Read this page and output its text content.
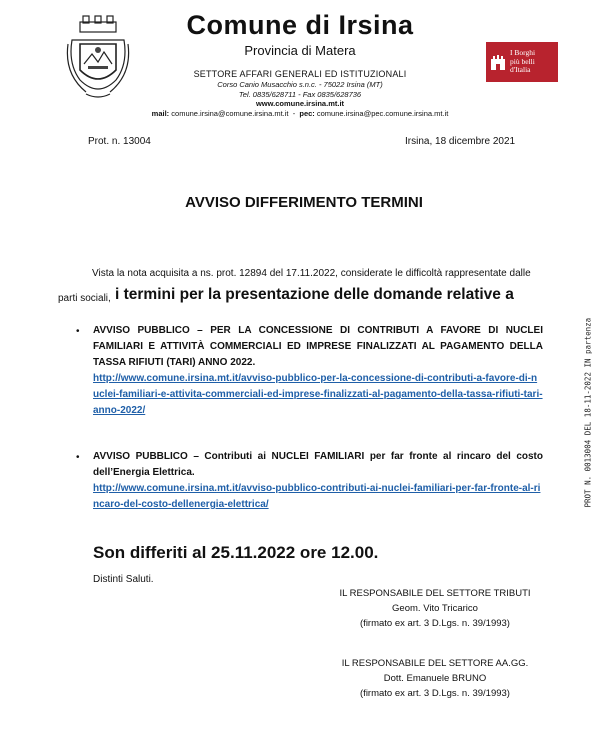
I Borghi
più belli
d'Italia
Comune di Irsina
Provincia di Matera
SETTORE AFFARI GENERALI ED ISTITUZIONALI
Corso Canio Musacchio s.n.c. - 75022 Irsina (MT)
Tel. 0835/628711 - Fax 0835/628736
www.comune.irsina.mt.it
mail: comune.irsina@comune.irsina.mt.it  -  pec: comune.irsina@pec.comune.irsina.mt.it
Prot. n. 13004	Irsina, 18 dicembre 2021
AVVISO DIFFERIMENTO TERMINI
Vista la nota acquisita a ns. prot. 12894 del 17.11.2022, considerate le difficoltà rappresentate dalle
parti sociali, i termini per la presentazione delle domande relative a
• AVVISO PUBBLICO – PER LA CONCESSIONE DI CONTRIBUTI A FAVORE DI NUCLEI FAMILIARI E ATTIVITÀ COMMERCIALI ED IMPRESE FINALIZZATI AL PAGAMENTO DELLA TASSA RIFIUTI (TARI) ANNO 2022.
http://www.comune.irsina.mt.it/avviso-pubblico-per-la-concessione-di-contributi-a-favore-di-nuclei-familiari-e-attivita-commerciali-ed-imprese-finalizzati-al-pagamento-della-tassa-rifiuti-tari-anno-2022/
• AVVISO PUBBLICO – Contributi ai NUCLEI FAMILIARI per far fronte al rincaro del costo dell’Energia Elettrica.
http://www.comune.irsina.mt.it/avviso-pubblico-contributi-ai-nuclei-familiari-per-far-fronte-al-rincaro-del-costo-dellenergia-elettrica/
Son differiti al 25.11.2022 ore 12.00.
Distinti Saluti.
IL RESPONSABILE DEL SETTORE TRIBUTI
Geom. Vito Tricarico
(firmato ex art. 3 D.Lgs. n. 39/1993)
IL RESPONSABILE DEL SETTORE AA.GG.
Dott. Emanuele BRUNO
(firmato ex art. 3 D.Lgs. n. 39/1993)
PROT N. 0013004 DEL 18-11-2022 IN partenza
